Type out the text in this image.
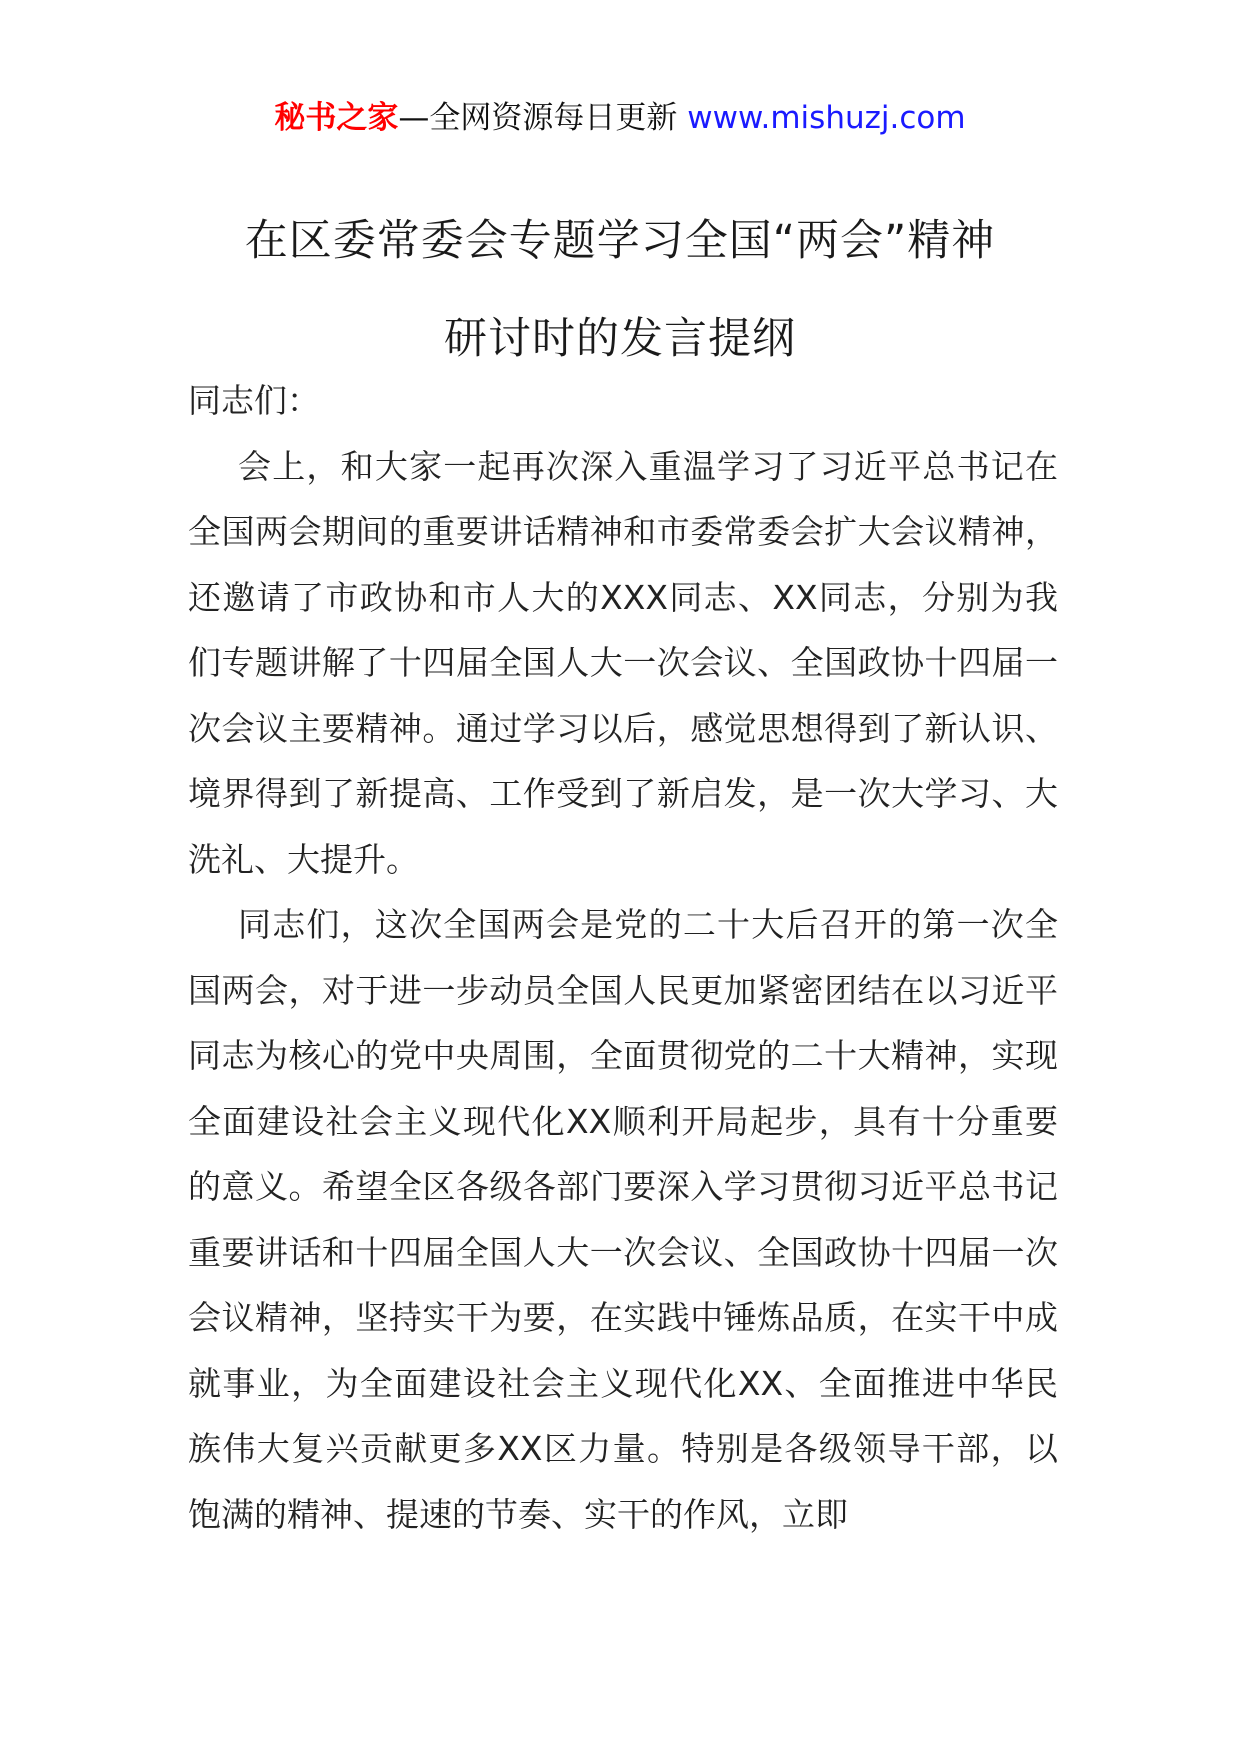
秘书之家—全网资源每日更新 www.mishuzj.com
在区委常委会专题学习全国“两会”精神
研讨时的发言提纲

同志们：

会上，和大家一起再次深入重温学习了习近平总书记在全国两会期间的重要讲话精神和市委常委会扩大会议精神，还邀请了市政协和市人大的XXX同志、XX同志，分别为我们专题讲解了十四届全国人大一次会议、全国政协十四届一次会议主要精神。通过学习以后，感觉思想得到了新认识、境界得到了新提高、工作受到了新启发，是一次大学习、大洗礼、大提升。

同志们，这次全国两会是党的二十大后召开的第一次全国两会，对于进一步动员全国人民更加紧密团结在以习近平同志为核心的党中央周围，全面贯彻党的二十大精神，实现全面建设社会主义现代化XX顺利开局起步，具有十分重要的意义。希望全区各级各部门要深入学习贯彻习近平总书记重要讲话和十四届全国人大一次会议、全国政协十四届一次会议精神，坚持实干为要，在实践中锤炼品质，在实干中成就事业，为全面建设社会主义现代化XX、全面推进中华民族伟大复兴贡献更多XX区力量。特别是各级领导干部，以饱满的精神、提速的节奏、实干的作风，立即
